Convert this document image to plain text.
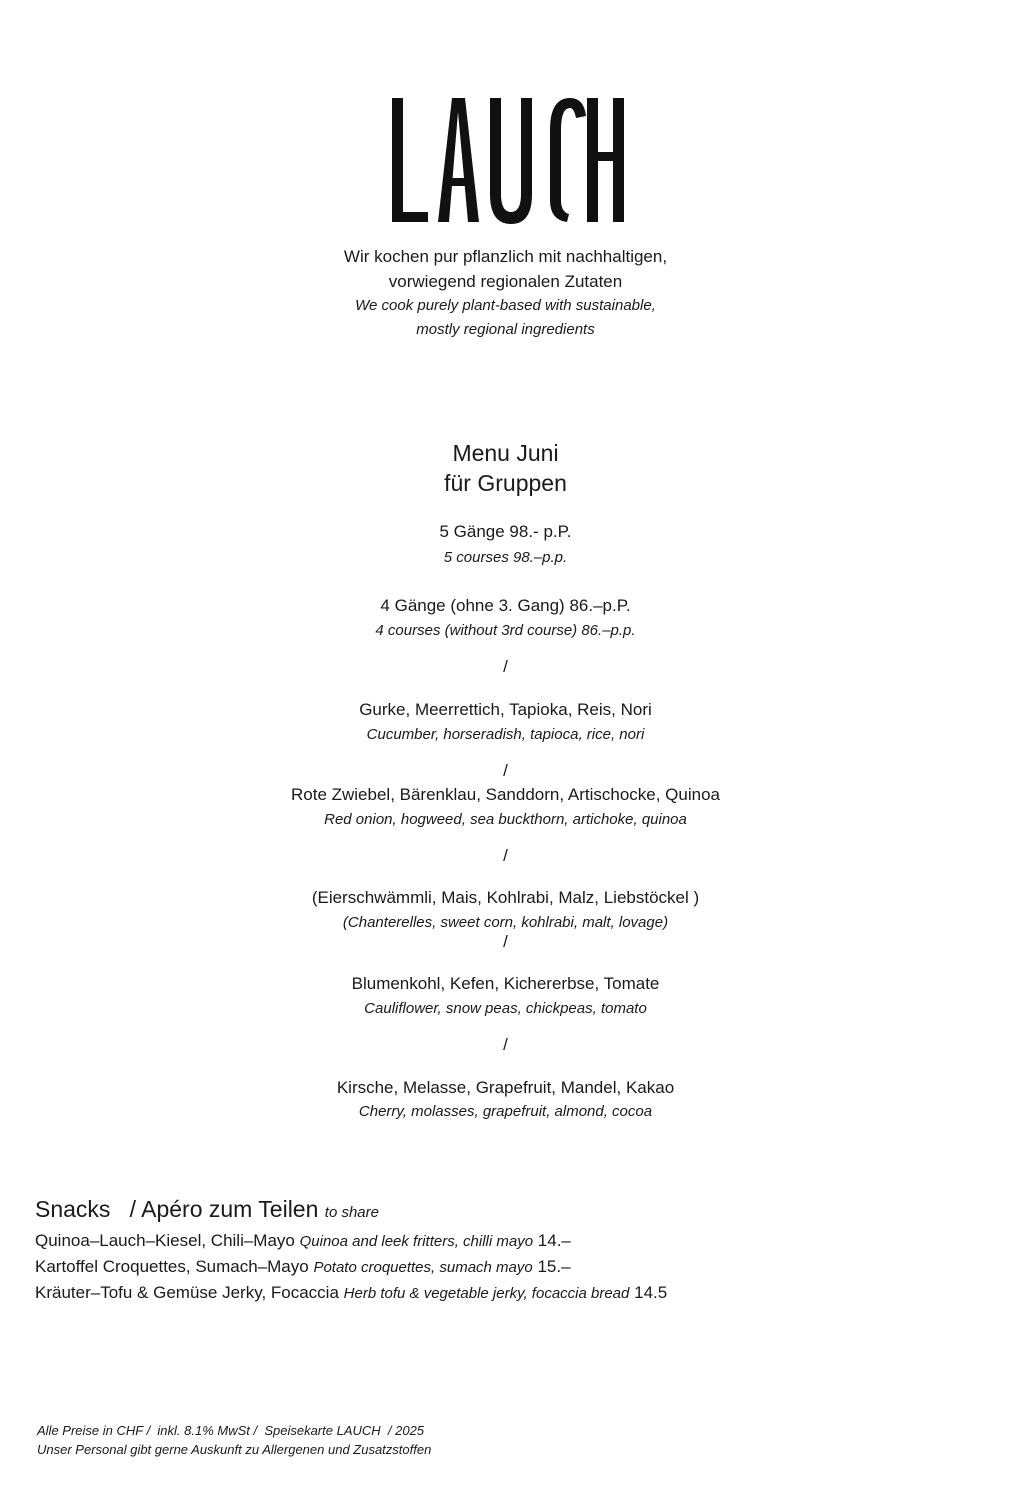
Wir kochen pur pflanzlich mit nachhaltigen,
vorwiegend regionalen Zutaten
We cook purely plant-based with sustainable,
mostly regional ingredients
Menu Juni
für Gruppen
5 Gänge 98.- p.P.
5 courses 98.–p.p.
4 Gänge (ohne 3. Gang) 86.–p.P.
4 courses (without 3rd course) 86.–p.p.
/
Gurke, Meerrettich, Tapioka, Reis, Nori
Cucumber, horseradish, tapioca, rice, nori
/
Rote Zwiebel, Bärenklau, Sanddorn, Artischocke, Quinoa
Red onion, hogweed, sea buckthorn, artichoke, quinoa
/
(Eierschwämmli, Mais, Kohlrabi, Malz, Liebstöckel )
(Chanterelles, sweet corn, kohlrabi, malt, lovage)
/
Blumenkohl, Kefen, Kichererbse, Tomate
Cauliflower, snow peas, chickpeas, tomato
/
Kirsche, Melasse, Grapefruit, Mandel, Kakao
Cherry, molasses, grapefruit, almond, cocoa
Snacks   / Apéro zum Teilen to share
Quinoa–Lauch–Kiesel, Chili–Mayo Quinoa and leek fritters, chilli mayo 14.–
Kartoffel Croquettes, Sumach–Mayo Potato croquettes, sumach mayo 15.–
Kräuter–Tofu & Gemüse Jerky, Focaccia Herb tofu & vegetable jerky, focaccia bread 14.5
Alle Preise in CHF /  inkl. 8.1% MwSt /  Speisekarte LAUCH  / 2025
Unser Personal gibt gerne Auskunft zu Allergenen und Zusatzstoffen
